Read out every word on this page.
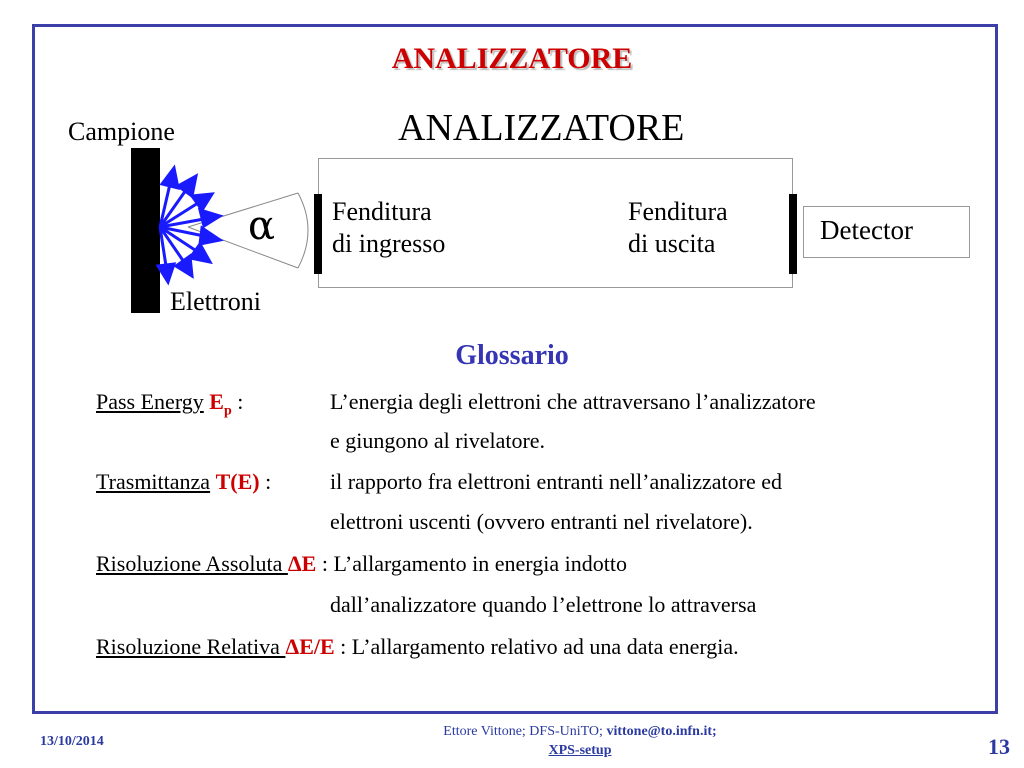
ANALIZZATORE
ANALIZZATORE
Campione
α
Elettroni
Fenditura
di ingresso
Fenditura
di uscita	Detector
Glossario
Pass Energy $E_p$ :	L’energia degli elettroni che attraversano l’analizzatore
e giungono al rivelatore.
Trasmittanza T(E) :	il rapporto fra elettroni entranti nell’analizzatore ed
elettroni uscenti (ovvero entranti nel rivelatore).
Risoluzione Assoluta ΔE : L’allargamento in energia indotto
dall’analizzatore quando l’elettrone lo attraversa
Risoluzione Relativa ΔE/E : L’allargamento relativo ad una data energia.
13/10/2014
Ettore Vittone; DFS-UniTO; vittone@to.infn.it;
XPS-setup	13
